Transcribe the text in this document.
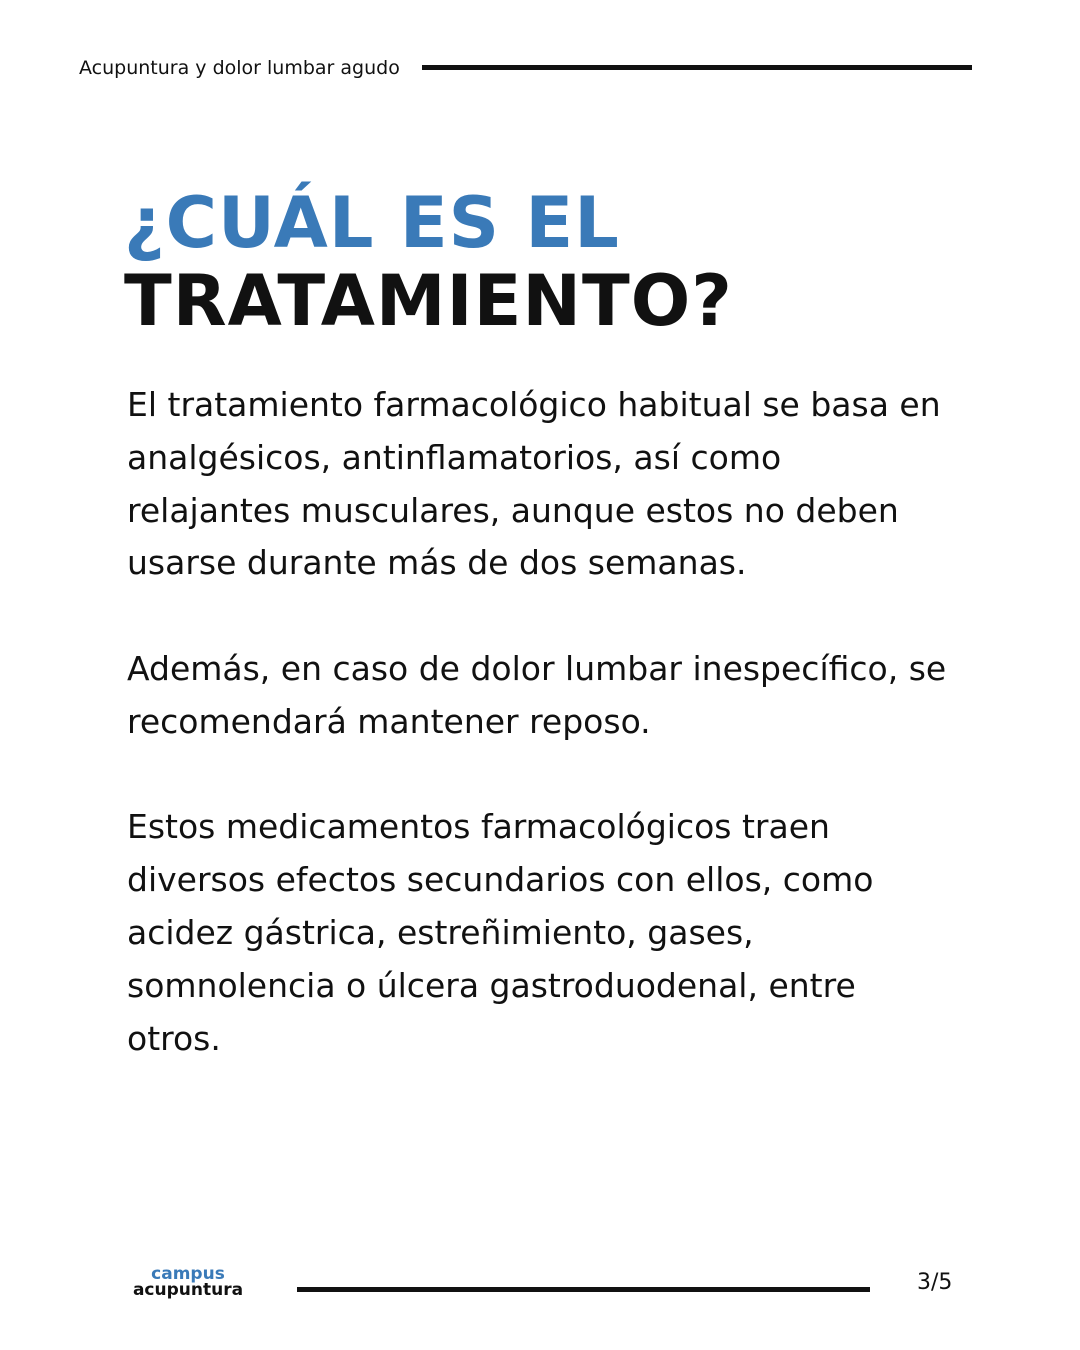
Acupuntura y dolor lumbar agudo
¿CUÁL ES EL
TRATAMIENTO?

El tratamiento farmacológico habitual se basa en analgésicos, antinflamatorios, así como relajantes musculares, aunque estos no deben usarse durante más de dos semanas.

Además, en caso de dolor lumbar inespecífico, se recomendará mantener reposo.

Estos medicamentos farmacológicos traen diversos efectos secundarios con ellos, como acidez gástrica, estreñimiento, gases, somnolencia o úlcera gastroduodenal, entre otros.

campus
acupuntura	3/5
